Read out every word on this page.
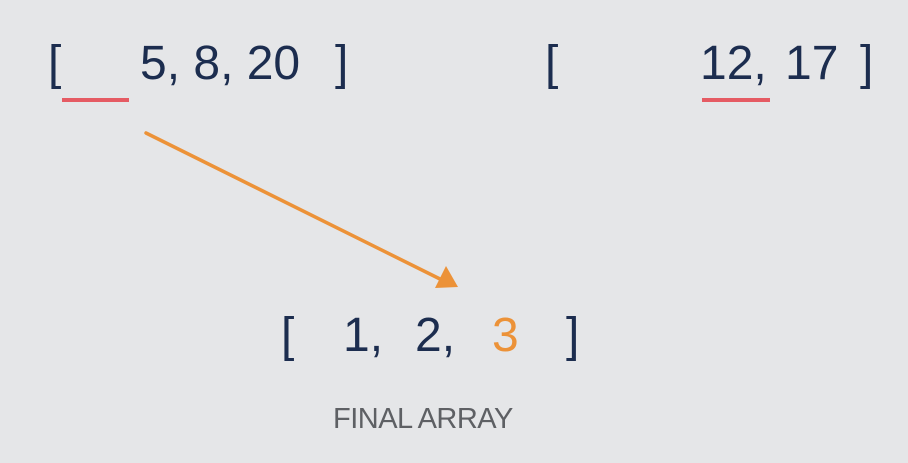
[ 5, 8, 20 ]	[	12, 17 ]
[ 1, 2, 3 ]
FINAL ARRAY
